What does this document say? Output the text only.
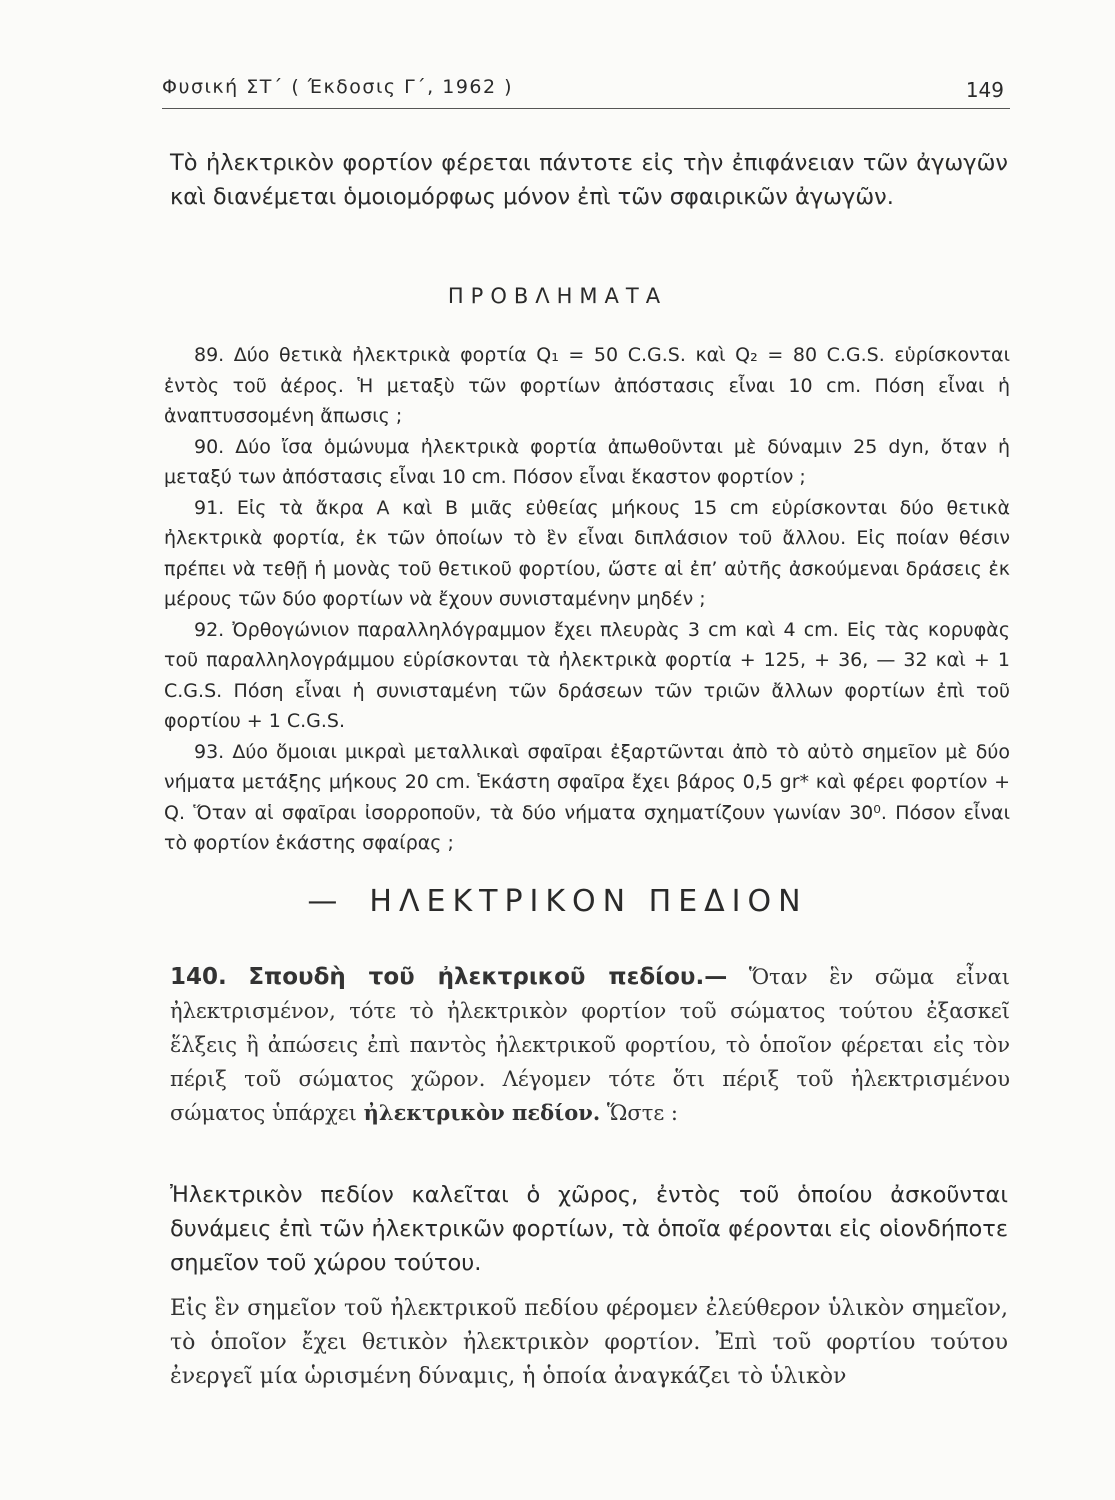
Φυσική ΣΤ΄ ( Έκδοσις Γ΄, 1962 )	149

Τὸ ἠλεκτρικὸν φορτίον φέρεται πάντοτε εἰς τὴν ἐπιφάνειαν τῶν ἀγωγῶν καὶ διανέμεται ὁμοιομόρφως μόνον ἐπὶ τῶν σφαιρικῶν ἀγωγῶν.

ΠΡΟΒΛΗΜΑΤΑ
89. Δύο θετικὰ ἠλεκτρικὰ φορτία Q₁ = 50 C.G.S. καὶ Q₂ = 80 C.G.S. εὑρίσκονται ἐντὸς τοῦ ἀέρος. Ἡ μεταξὺ τῶν φορτίων ἀπόστασις εἶναι 10 cm. Πόση εἶναι ἡ ἀναπτυσσομένη ἄπωσις ;
90. Δύο ἴσα ὁμώνυμα ἠλεκτρικὰ φορτία ἀπωθοῦνται μὲ δύναμιν 25 dyn, ὅταν ἡ μεταξύ των ἀπόστασις εἶναι 10 cm. Πόσον εἶναι ἕκαστον φορτίον ;
91. Εἰς τὰ ἄκρα Α καὶ Β μιᾶς εὐθείας μήκους 15 cm εὑρίσκονται δύο θετικὰ ἠλεκτρικὰ φορτία, ἐκ τῶν ὁποίων τὸ ἓν εἶναι διπλάσιον τοῦ ἄλλου. Εἰς ποίαν θέσιν πρέπει νὰ τεθῇ ἡ μονὰς τοῦ θετικοῦ φορτίου, ὥστε αἱ ἐπ’ αὐτῆς ἀσκούμεναι δράσεις ἐκ μέρους τῶν δύο φορτίων νὰ ἔχουν συνισταμένην μηδέν ;
92. Ὀρθογώνιον παραλληλόγραμμον ἔχει πλευρὰς 3 cm καὶ 4 cm. Εἰς τὰς κορυφὰς τοῦ παραλληλογράμμου εὑρίσκονται τὰ ἠλεκτρικὰ φορτία + 125, + 36, — 32 καὶ + 1 C.G.S. Πόση εἶναι ἡ συνισταμένη τῶν δράσεων τῶν τριῶν ἄλλων φορτίων ἐπὶ τοῦ φορτίου + 1 C.G.S.
93. Δύο ὅμοιαι μικραὶ μεταλλικαὶ σφαῖραι ἐξαρτῶνται ἀπὸ τὸ αὐτὸ σημεῖον μὲ δύο νήματα μετάξης μήκους 20 cm. Ἑκάστη σφαῖρα ἔχει βάρος 0,5 gr* καὶ φέρει φορτίον + Q. Ὅταν αἱ σφαῖραι ἰσορροποῦν, τὰ δύο νήματα σχηματίζουν γωνίαν 30⁰. Πόσον εἶναι τὸ φορτίον ἑκάστης σφαίρας ;
— ΗΛΕΚΤΡΙΚΟΝ ΠΕΔΙΟΝ

140. Σπουδὴ τοῦ ἠλεκτρικοῦ πεδίου.— Ὅταν ἓν σῶμα εἶναι ἠλεκτρισμένον, τότε τὸ ἠλεκτρικὸν φορτίον τοῦ σώματος τούτου ἐξασκεῖ ἕλξεις ἢ ἀπώσεις ἐπὶ παντὸς ἠλεκτρικοῦ φορτίου, τὸ ὁποῖον φέρεται εἰς τὸν πέριξ τοῦ σώματος χῶρον. Λέγομεν τότε ὅτι πέριξ τοῦ ἠλεκτρισμένου σώματος ὑπάρχει ἠλεκτρικὸν πεδίον. Ὥστε :

Ἠλεκτρικὸν πεδίον καλεῖται ὁ χῶρος, ἐντὸς τοῦ ὁποίου ἀσκοῦνται δυνάμεις ἐπὶ τῶν ἠλεκτρικῶν φορτίων, τὰ ὁποῖα φέρονται εἰς οἱονδήποτε σημεῖον τοῦ χώρου τούτου.

Εἰς ἓν σημεῖον τοῦ ἠλεκτρικοῦ πεδίου φέρομεν ἐλεύθερον ὑλικὸν σημεῖον, τὸ ὁποῖον ἔχει θετικὸν ἠλεκτρικὸν φορτίον. Ἐπὶ τοῦ φορτίου τούτου ἐνεργεῖ μία ὡρισμένη δύναμις, ἡ ὁποία ἀναγκάζει τὸ ὑλικὸν
